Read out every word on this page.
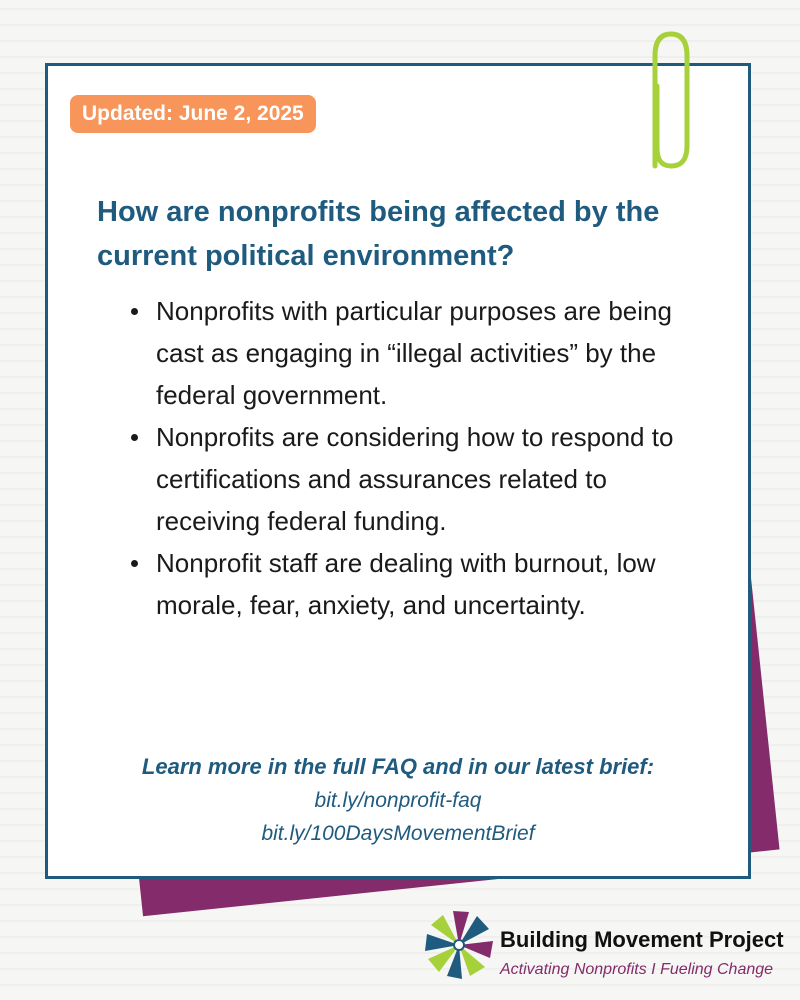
Updated: June 2, 2025
How are nonprofits being affected by the current political environment?
Nonprofits with particular purposes are being cast as engaging in “illegal activities” by the federal government.
Nonprofits are considering how to respond to certifications and assurances related to receiving federal funding.
Nonprofit staff are dealing with burnout, low morale, fear, anxiety, and uncertainty.
Learn more in the full FAQ and in our latest brief:
bit.ly/nonprofit-faq
bit.ly/100DaysMovementBrief
Building Movement Project
Activating Nonprofits I Fueling Change
